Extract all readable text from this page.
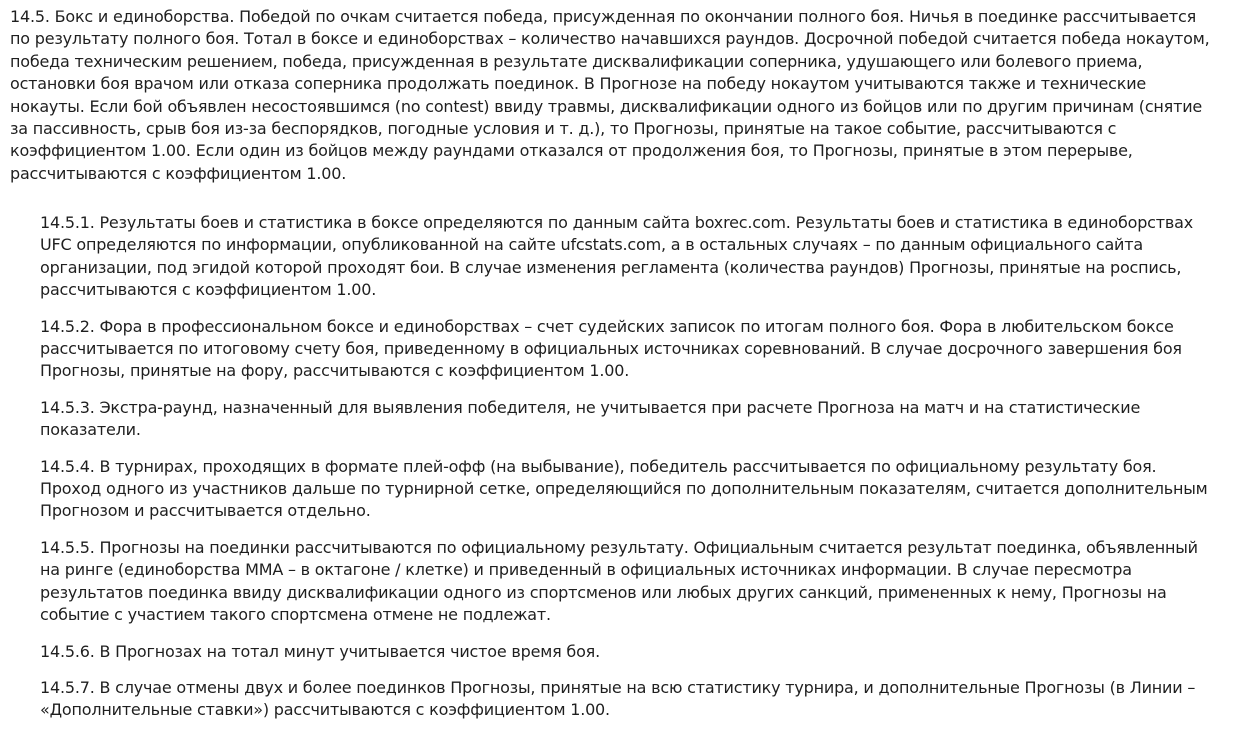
14.5. Бокс и единоборства. Победой по очкам считается победа, присужденная по окончании полного боя. Ничья в поединке рассчитывается по результату полного боя. Тотал в боксе и единоборствах – количество начавшихся раундов. Досрочной победой считается победа нокаутом, победа техническим решением, победа, присужденная в результате дисквалификации соперника, удушающего или болевого приема, остановки боя врачом или отказа соперника продолжать поединок. В Прогнозе на победу нокаутом учитываются также и технические нокауты. Если бой объявлен несостоявшимся (no contest) ввиду травмы, дисквалификации одного из бойцов или по другим причинам (снятие за пассивность, срыв боя из-за беспорядков, погодные условия и т. д.), то Прогнозы, принятые на такое событие, рассчитываются с коэффициентом 1.00. Если один из бойцов между раундами отказался от продолжения боя, то Прогнозы, принятые в этом перерыве, рассчитываются с коэффициентом 1.00.

14.5.1. Результаты боев и статистика в боксе определяются по данным сайта boxrec.com. Результаты боев и статистика в единоборствах UFC определяются по информации, опубликованной на сайте ufcstats.com, а в остальных случаях – по данным официального сайта организации, под эгидой которой проходят бои. В случае изменения регламента (количества раундов) Прогнозы, принятые на роспись, рассчитываются с коэффициентом 1.00.

14.5.2. Фора в профессиональном боксе и единоборствах – счет судейских записок по итогам полного боя. Фора в любительском боксе рассчитывается по итоговому счету боя, приведенному в официальных источниках соревнований. В случае досрочного завершения боя Прогнозы, принятые на фору, рассчитываются с коэффициентом 1.00.

14.5.3. Экстра-раунд, назначенный для выявления победителя, не учитывается при расчете Прогноза на матч и на статистические показатели.

14.5.4. В турнирах, проходящих в формате плей-офф (на выбывание), победитель рассчитывается по официальному результату боя. Проход одного из участников дальше по турнирной сетке, определяющийся по дополнительным показателям, считается дополнительным Прогнозом и рассчитывается отдельно.

14.5.5. Прогнозы на поединки рассчитываются по официальному результату. Официальным считается результат поединка, объявленный на ринге (единоборства ММА – в октагоне / клетке) и приведенный в официальных источниках информации. В случае пересмотра результатов поединка ввиду дисквалификации одного из спортсменов или любых других санкций, примененных к нему, Прогнозы на событие с участием такого спортсмена отмене не подлежат.

14.5.6. В Прогнозах на тотал минут учитывается чистое время боя.

14.5.7. В случае отмены двух и более поединков Прогнозы, принятые на всю статистику турнира, и дополнительные Прогнозы (в Линии – «Дополнительные ставки») рассчитываются с коэффициентом 1.00.
